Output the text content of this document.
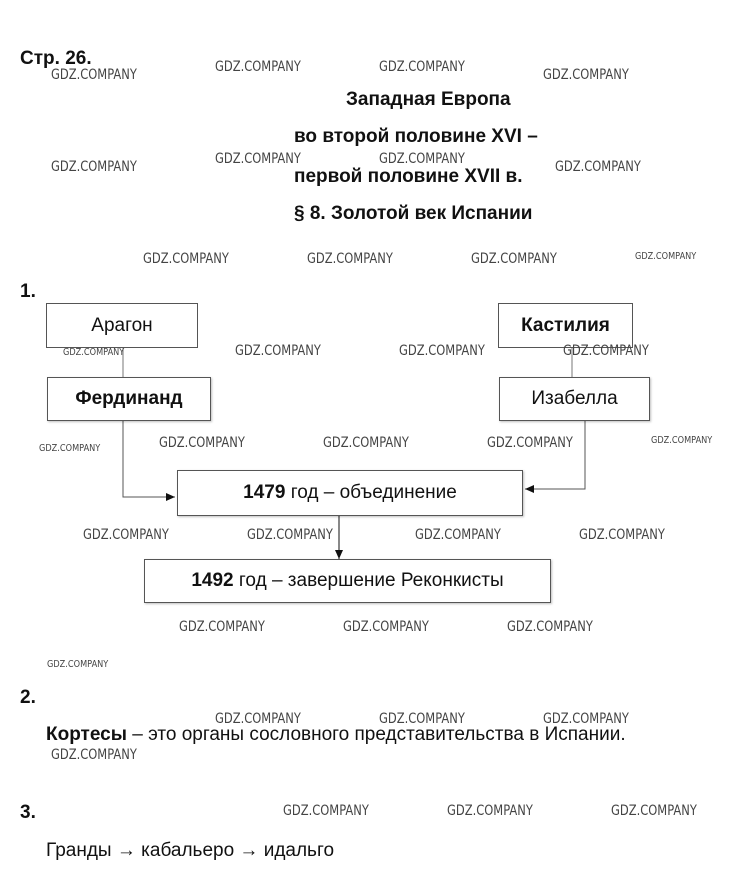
Стр. 26.
Западная Европа
во второй половине XVI –
первой половине XVII в.
§ 8. Золотой век Испании
1.
Арагон	Кастилия
Фердинанд	Изабелла
1479 год – объединение
1492 год – завершение Реконкисты
2.
Кортесы – это органы сословного представительства в Испании.
3.
Гранды → кабальеро → идальго
GDZ.COMPANY	GDZ.COMPANY	GDZ.COMPANY	GDZ.COMPANY
GDZ.COMPANY	GDZ.COMPANY	GDZ.COMPANY	GDZ.COMPANY
GDZ.COMPANY	GDZ.COMPANY	GDZ.COMPANY	GDZ.COMPANY
GDZ.COMPANY	GDZ.COMPANY	GDZ.COMPANY	GDZ.COMPANY
GDZ.COMPANY	GDZ.COMPANY	GDZ.COMPANY	GDZ.COMPANY	GDZ.COMPANY
GDZ.COMPANY	GDZ.COMPANY	GDZ.COMPANY	GDZ.COMPANY
GDZ.COMPANY	GDZ.COMPANY	GDZ.COMPANY
GDZ.COMPANY
GDZ.COMPANY	GDZ.COMPANY	GDZ.COMPANY
GDZ.COMPANY
GDZ.COMPANY	GDZ.COMPANY	GDZ.COMPANY
